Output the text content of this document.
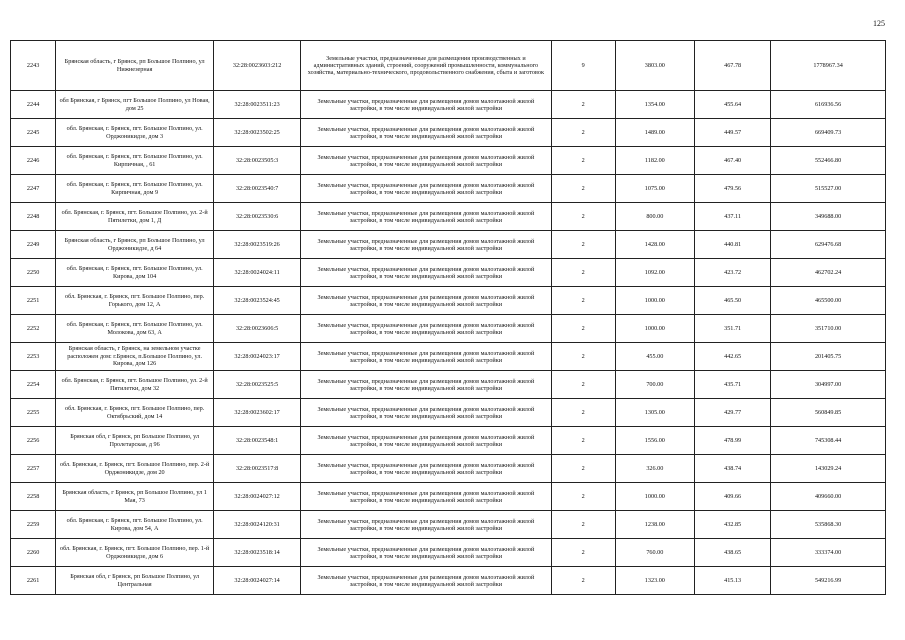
125
2243	Брянская область, г Брянск, рп Большое Полпино, ул Нижнезерная	32:28:0023603:212	Земельные участки, предназначенные для размещения производственных и административных зданий, строений, сооружений промышленности, коммунального хозяйства, материально-технического, продовольственного снабжения, сбыта и заготовок	9	3803.00	467.78	1778967.34
2244	обл Брянская, г Брянск, пгт Большое Полпино, ул Новая, дом 25	32:28:0023511:23	Земельные участки, предназначенные для размещения домов малоэтажной жилой застройки, в том числе индивидуальной жилой застройки	2	1354.00	455.64	616936.56
2245	обл. Брянская, г. Брянск, пгт. Большое Полпино, ул. Орджоникидзе, дом 3	32:28:0023502:25	Земельные участки, предназначенные для размещения домов малоэтажной жилой застройки, в том числе индивидуальной жилой застройки	2	1489.00	449.57	669409.73
2246	обл. Брянская, г. Брянск, пгт. Большое Полпино, ул. Кирпичная, , 61	32:28:0023505:3	Земельные участки, предназначенные для размещения домов малоэтажной жилой застройки, в том числе индивидуальной жилой застройки	2	1182.00	467.40	552466.80
2247	обл. Брянская, г. Брянск, пгт. Большое Полпино, ул. Кирпичная, дом 9	32:28:0023540:7	Земельные участки, предназначенные для размещения домов малоэтажной жилой застройки, в том числе индивидуальной жилой застройки	2	1075.00	479.56	515527.00
2248	обл. Брянская, г. Брянск, пгт. Большое Полпино, ул. 2-й Пятилетки, дом 1, Д	32:28:0023530:6	Земельные участки, предназначенные для размещения домов малоэтажной жилой застройки, в том числе индивидуальной жилой застройки	2	800.00	437.11	349688.00
2249	Брянская область, г Брянск, рп Большое Полпино, ул Орджоникидзе, д 64	32:28:0023519:26	Земельные участки, предназначенные для размещения домов малоэтажной жилой застройки, в том числе индивидуальной жилой застройки	2	1428.00	440.81	629476.68
2250	обл. Брянская, г. Брянск, пгт. Большое Полпино, ул. Кирова, дом 104	32:28:0024024:11	Земельные участки, предназначенные для размещения домов малоэтажной жилой застройки, в том числе индивидуальной жилой застройки	2	1092.00	423.72	462702.24
2251	обл. Брянская, г. Брянск, пгт. Большое Полпино, пер. Горького, дом 12, А	32:28:0023524:45	Земельные участки, предназначенные для размещения домов малоэтажной жилой застройки, в том числе индивидуальной жилой застройки	2	1000.00	465.50	465500.00
2252	обл. Брянская, г. Брянск, пгт. Большое Полпино, ул. Молокова, дом 63, А	32:28:0023606:5	Земельные участки, предназначенные для размещения домов малоэтажной жилой застройки, в том числе индивидуальной жилой застройки	2	1000.00	351.71	351710.00
2253	Брянская область, г Брянск, на земельном участке расположен дом: г.Брянск, п.Большое Полпино, ул. Кирова, дом 126	32:28:0024023:17	Земельные участки, предназначенные для размещения домов малоэтажной жилой застройки, в том числе индивидуальной жилой застройки	2	455.00	442.65	201405.75
2254	обл. Брянская, г. Брянск, пгт. Большое Полпино, ул. 2-й Пятилетки, дом 32	32:28:0023525:5	Земельные участки, предназначенные для размещения домов малоэтажной жилой застройки, в том числе индивидуальной жилой застройки	2	700.00	435.71	304997.00
2255	обл. Брянская, г. Брянск, пгт. Большое Полпино, пер. Октябрьский, дом 14	32:28:0023602:17	Земельные участки, предназначенные для размещения домов малоэтажной жилой застройки, в том числе индивидуальной жилой застройки	2	1305.00	429.77	560849.85
2256	Брянская обл, г Брянск, рп Большое Полпино, ул Пролетарская, д 96	32:28:0023548:1	Земельные участки, предназначенные для размещения домов малоэтажной жилой застройки, в том числе индивидуальной жилой застройки	2	1556.00	478.99	745308.44
2257	обл. Брянская, г. Брянск, пгт. Большое Полпино, пер. 2-й Орджоникидзе, дом 20	32:28:0023517:8	Земельные участки, предназначенные для размещения домов малоэтажной жилой застройки, в том числе индивидуальной жилой застройки	2	326.00	438.74	143029.24
2258	Брянская область, г Брянск, рп Большое Полпино, ул 1 Мая, 73	32:28:0024027:12	Земельные участки, предназначенные для размещения домов малоэтажной жилой застройки, в том числе индивидуальной жилой застройки	2	1000.00	409.66	409660.00
2259	обл. Брянская, г. Брянск, пгт. Большое Полпино, ул. Кирова, дом 54, А	32:28:0024120:31	Земельные участки, предназначенные для размещения домов малоэтажной жилой застройки, в том числе индивидуальной жилой застройки	2	1238.00	432.85	535868.30
2260	обл. Брянская, г. Брянск, пгт. Большое Полпино, пер. 1-й Орджоникидзе, дом 6	32:28:0023518:14	Земельные участки, предназначенные для размещения домов малоэтажной жилой застройки, в том числе индивидуальной жилой застройки	2	760.00	438.65	333374.00
2261	Брянская обл, г Брянск, рп Большое Полпино, ул Центральная	32:28:0024027:14	Земельные участки, предназначенные для размещения домов малоэтажной жилой застройки, в том числе индивидуальной жилой застройки	2	1323.00	415.13	549216.99
